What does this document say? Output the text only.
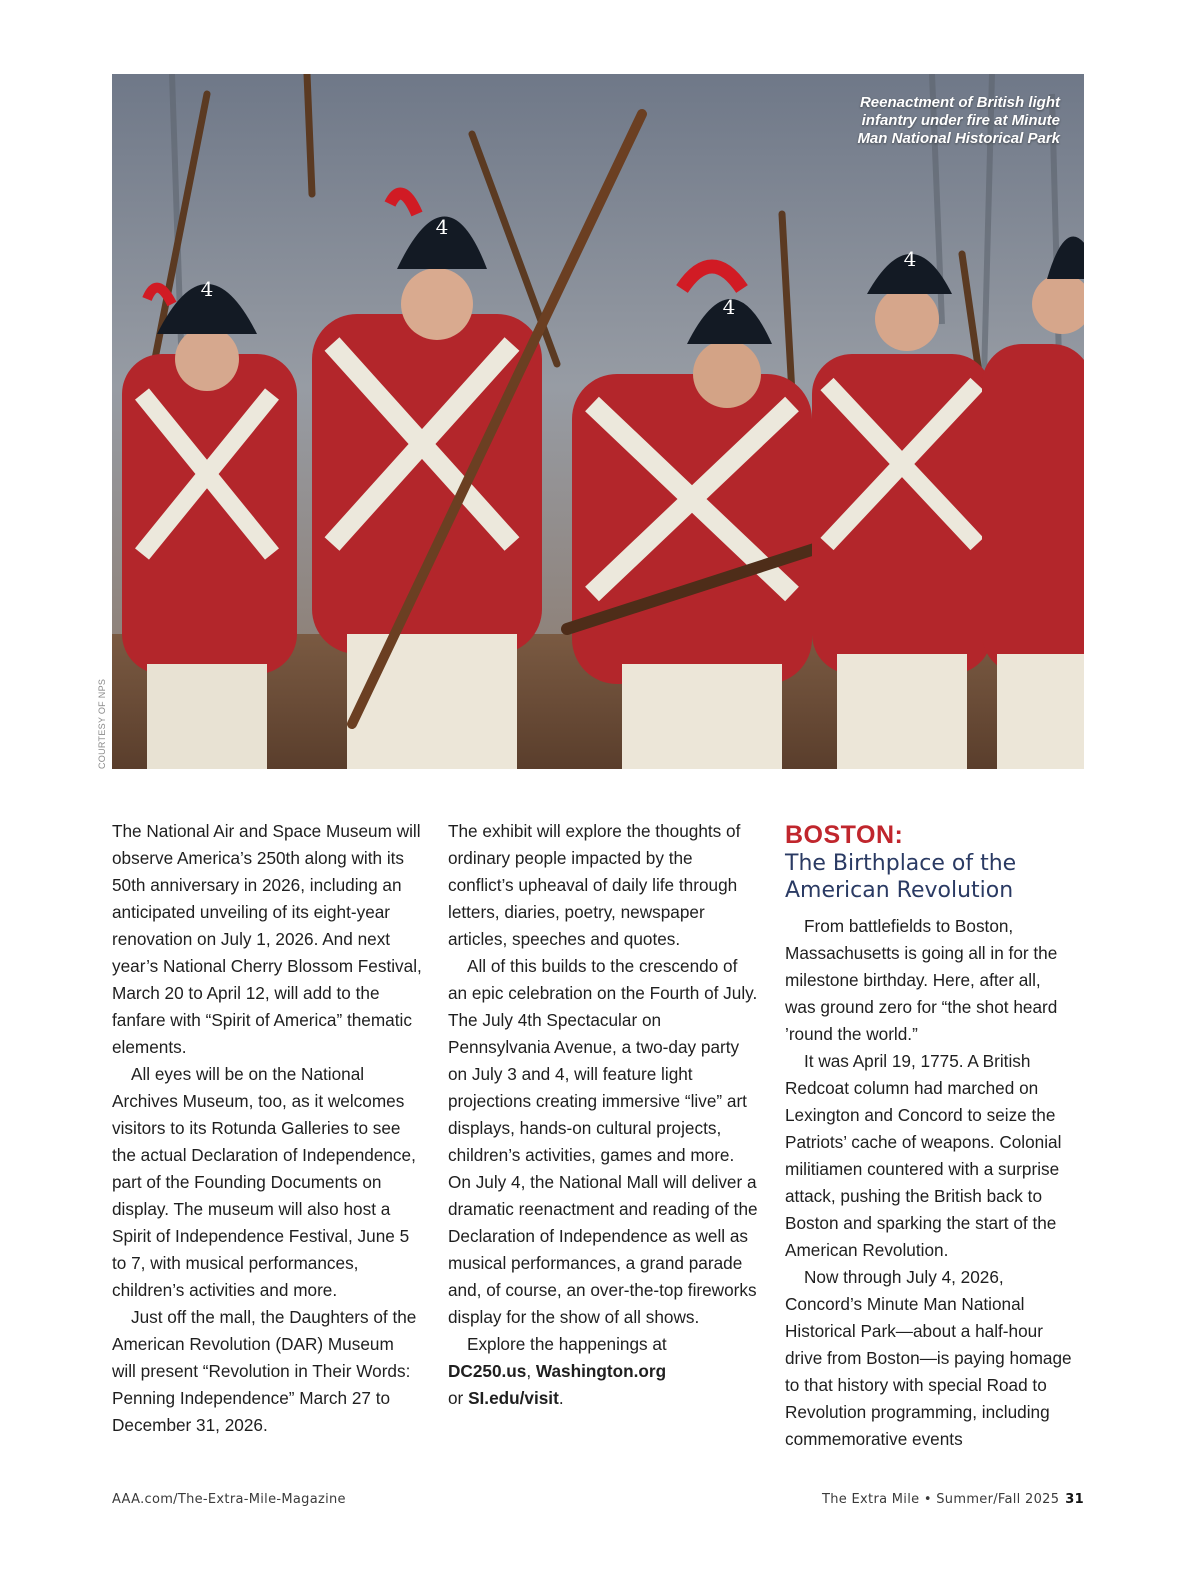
4
4
4
4
Reenactment of British light infantry under fire at Minute Man National Historical Park
COURTESY OF NPS

The National Air and Space Museum will observe America’s 250th along with its 50th anniversary in 2026, including an anticipated unveiling of its eight-year renovation on July 1, 2026. And next year’s National Cherry Blossom Festival, March 20 to April 12, will add to the fanfare with “Spirit of America” thematic elements.

All eyes will be on the National Archives Museum, too, as it welcomes visitors to its Rotunda Galleries to see the actual Declaration of Independence, part of the Founding Documents on display. The museum will also host a Spirit of Independence Festival, June 5 to 7, with musical performances, children’s activities and more.

Just off the mall, the Daughters of the American Revolution (DAR) Museum will present “Revolution in Their Words: Penning Independence” March 27 to December 31, 2026.

The exhibit will explore the thoughts of ordinary people impacted by the conflict’s upheaval of daily life through letters, diaries, poetry, newspaper articles, speeches and quotes.

All of this builds to the crescendo of an epic celebration on the Fourth of July. The July 4th Spectacular on Pennsylvania Avenue, a two-day party on July 3 and 4, will feature light projections creating immersive “live” art displays, hands-on cultural projects, children’s activities, games and more. On July 4, the National Mall will deliver a dramatic reenactment and reading of the Declaration of Independence as well as musical performances, a grand parade and, of course, an over-the-top fireworks display for the show of all shows.

Explore the happenings at
DC250.us, Washington.org
or SI.edu/visit.

BOSTON:
The Birthplace of the American Revolution

From battlefields to Boston, Massachusetts is going all in for the milestone birthday. Here, after all, was ground zero for “the shot heard ’round the world.”

It was April 19, 1775. A British Redcoat column had marched on Lexington and Concord to seize the Patriots’ cache of weapons. Colonial militiamen countered with a surprise attack, pushing the British back to Boston and sparking the start of the American Revolution.

Now through July 4, 2026, Concord’s Minute Man National Historical Park—about a half-hour drive from Boston—is paying homage to that history with special Road to Revolution programming, including commemorative events

AAA.com/The-Extra-Mile-Magazine	The Extra Mile • Summer/Fall 2025 31
